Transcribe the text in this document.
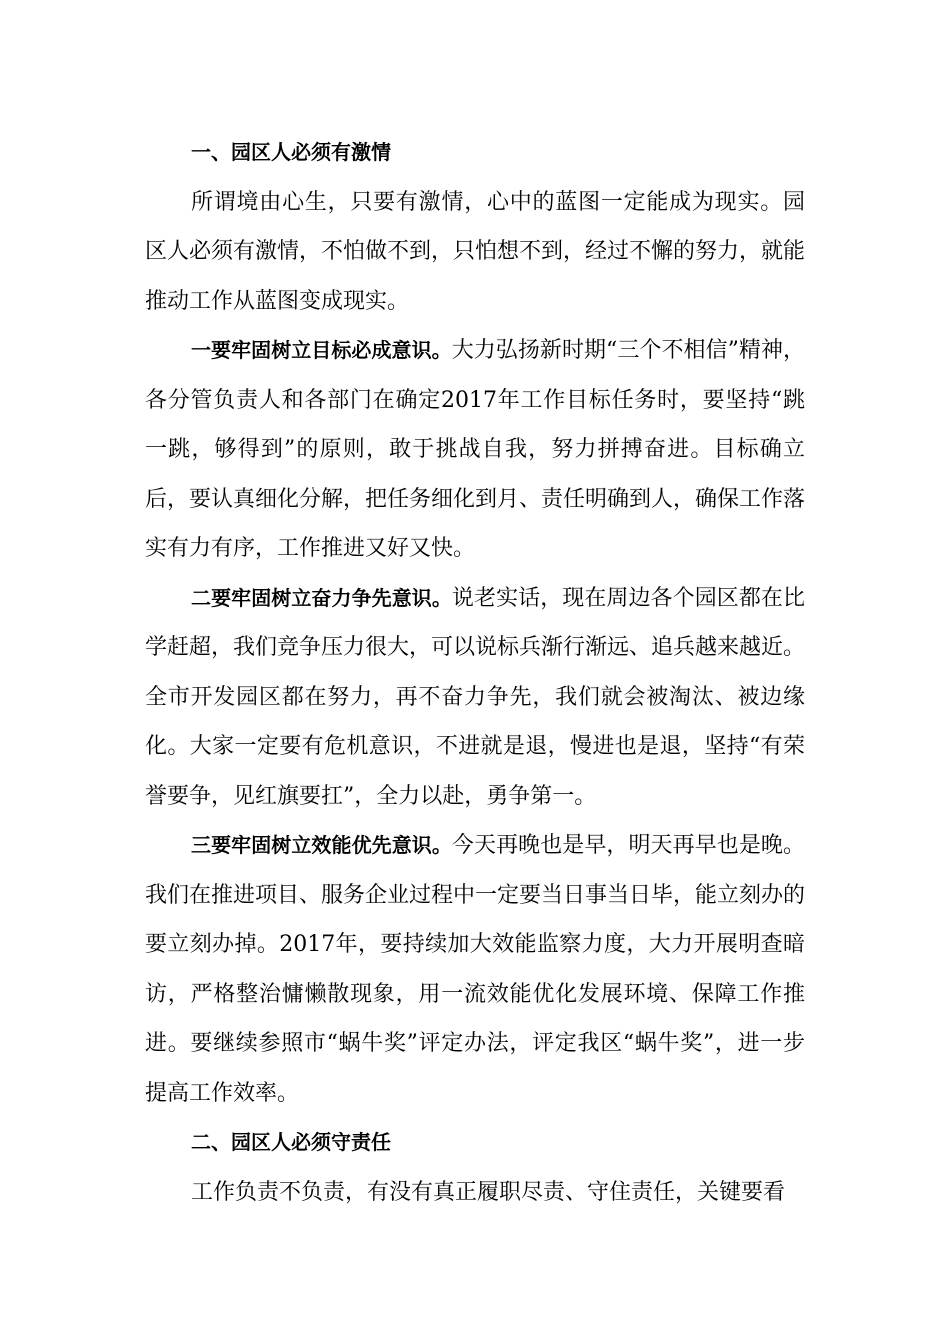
一、园区人必须有激情

所谓境由心生，只要有激情，心中的蓝图一定能成为现实。园区人必须有激情，不怕做不到，只怕想不到，经过不懈的努力，就能推动工作从蓝图变成现实。

一要牢固树立目标必成意识。大力弘扬新时期“三个不相信”精神，各分管负责人和各部门在确定2017年工作目标任务时，要坚持“跳一跳，够得到”的原则，敢于挑战自我，努力拼搏奋进。目标确立后，要认真细化分解，把任务细化到月、责任明确到人，确保工作落实有力有序，工作推进又好又快。

二要牢固树立奋力争先意识。说老实话，现在周边各个园区都在比学赶超，我们竞争压力很大，可以说标兵渐行渐远、追兵越来越近。全市开发园区都在努力，再不奋力争先，我们就会被淘汰、被边缘化。大家一定要有危机意识，不进就是退，慢进也是退，坚持“有荣誉要争，见红旗要扛”，全力以赴，勇争第一。

三要牢固树立效能优先意识。今天再晚也是早，明天再早也是晚。我们在推进项目、服务企业过程中一定要当日事当日毕，能立刻办的要立刻办掉。2017年，要持续加大效能监察力度，大力开展明查暗访，严格整治慵懒散现象，用一流效能优化发展环境、保障工作推进。要继续参照市“蜗牛奖”评定办法，评定我区“蜗牛奖”，进一步提高工作效率。

二、园区人必须守责任

工作负责不负责，有没有真正履职尽责、守住责任，关键要看
